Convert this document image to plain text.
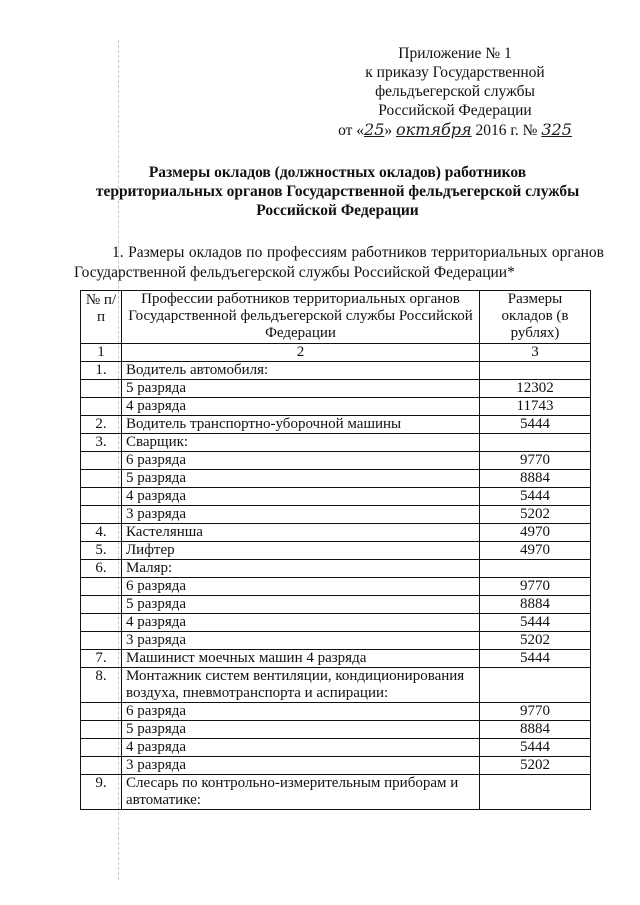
Приложение № 1
к приказу Государственной
фельдъегерской службы
Российской Федерации
от «25» октября 2016 г. № 325
Размеры окладов (должностных окладов) работников
территориальных органов Государственной фельдъегерской службы
Российской Федерации
1. Размеры окладов по профессиям работников территориальных органов Государственной фельдъегерской службы Российской Федерации*
№ п/п	Профессии работников территориальных органов Государственной фельдъегерской службы Российской Федерации	Размеры окладов (в рублях)
1	2	3
1.	Водитель автомобиля:	
	5 разряда	12302
	4 разряда	11743
2.	Водитель транспортно-уборочной машины	5444
3.	Сварщик:	
	6 разряда	9770
	5 разряда	8884
	4 разряда	5444
	3 разряда	5202
4.	Кастелянша	4970
5.	Лифтер	4970
6.	Маляр:	
	6 разряда	9770
	5 разряда	8884
	4 разряда	5444
	3 разряда	5202
7.	Машинист моечных машин 4 разряда	5444
8.	Монтажник систем вентиляции, кондиционирования воздуха, пневмотранспорта и аспирации:	
	6 разряда	9770
	5 разряда	8884
	4 разряда	5444
	3 разряда	5202
9.	Слесарь по контрольно-измерительным приборам и автоматике:	
